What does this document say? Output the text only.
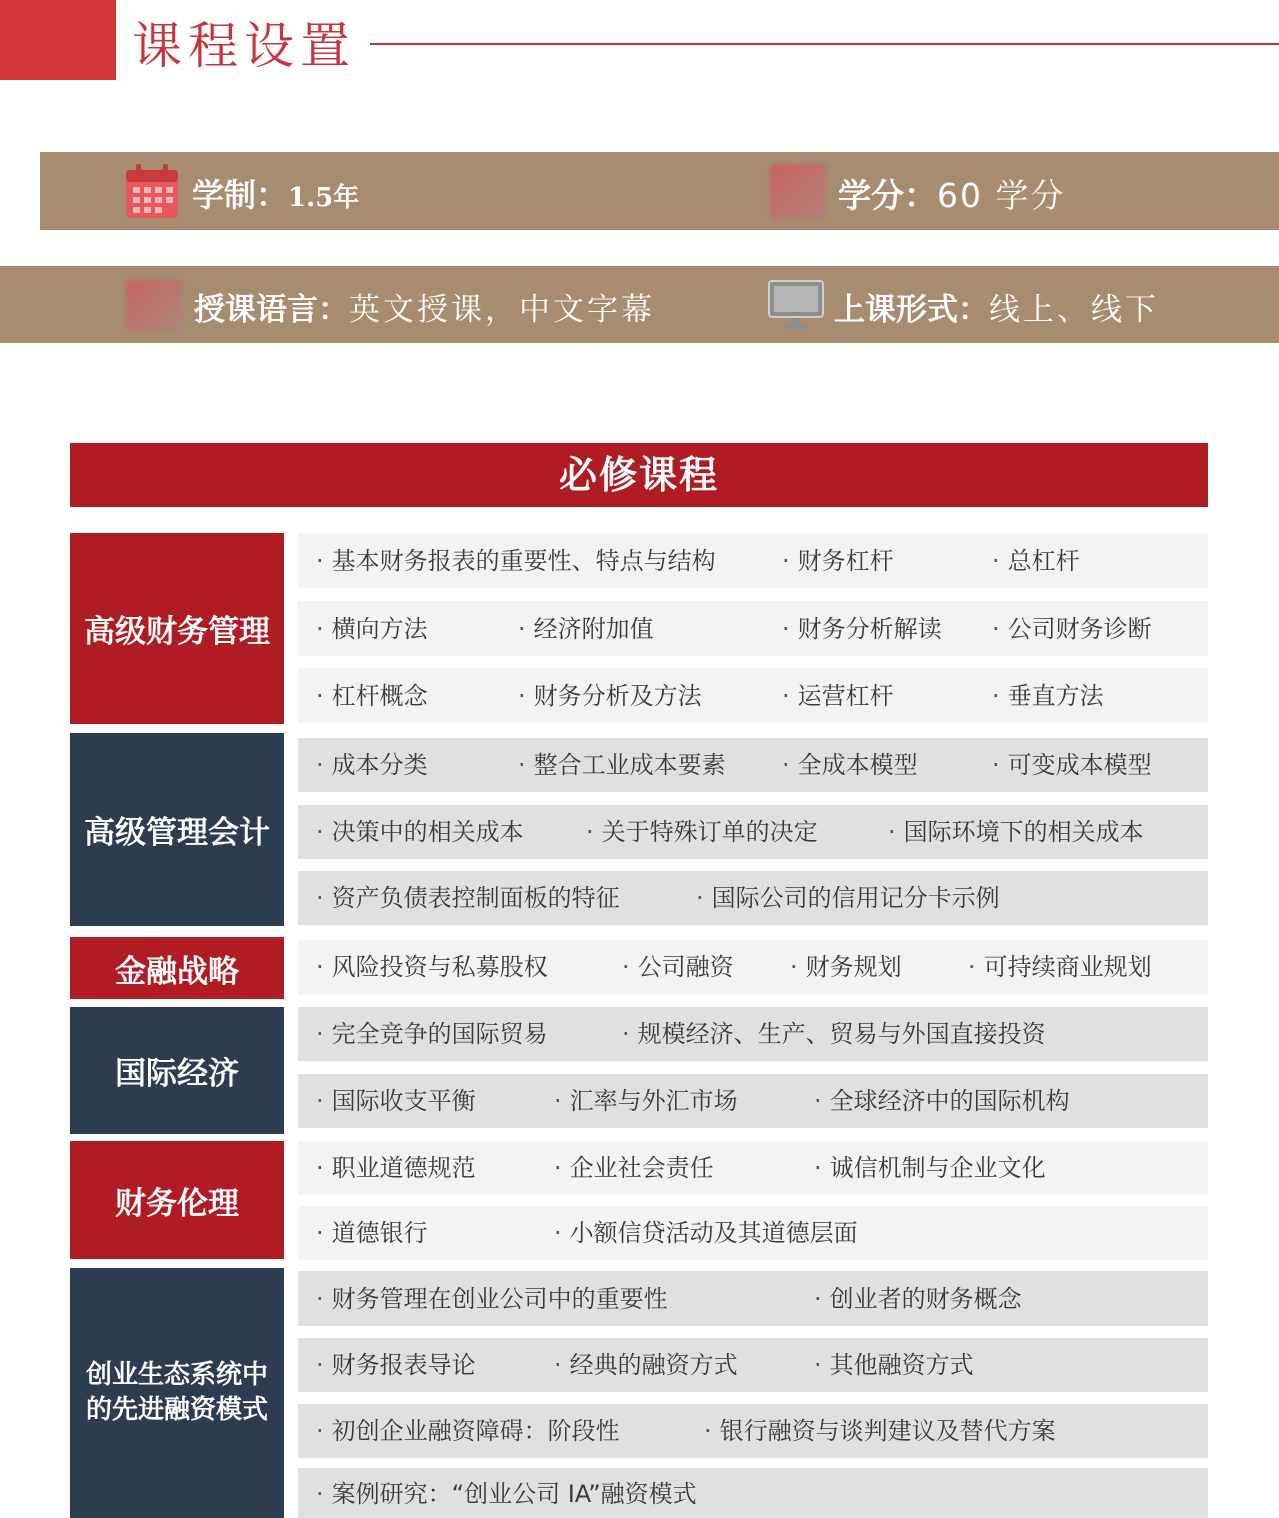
课程设置
学制：1.5年	学分：60 学分
授课语言：英文授课，中文字幕	上课形式：线上、线下
必修课程
高级财务管理
· 基本财务报表的重要性、特点与结构	· 财务杠杆	· 总杠杆
· 横向方法	· 经济附加值	· 财务分析解读	· 公司财务诊断
· 杠杆概念	· 财务分析及方法	· 运营杠杆	· 垂直方法
高级管理会计
· 成本分类	· 整合工业成本要素	· 全成本模型	· 可变成本模型
· 决策中的相关成本	· 关于特殊订单的决定	· 国际环境下的相关成本
· 资产负债表控制面板的特征	· 国际公司的信用记分卡示例
金融战略	· 风险投资与私募股权	· 公司融资	· 财务规划	· 可持续商业规划
国际经济
· 完全竞争的国际贸易	· 规模经济、生产、贸易与外国直接投资
· 国际收支平衡	· 汇率与外汇市场	· 全球经济中的国际机构
财务伦理
· 职业道德规范	· 企业社会责任	· 诚信机制与企业文化
· 道德银行	· 小额信贷活动及其道德层面
创业生态系统中
的先进融资模式
· 财务管理在创业公司中的重要性	· 创业者的财务概念
· 财务报表导论	· 经典的融资方式	· 其他融资方式
· 初创企业融资障碍：阶段性	· 银行融资与谈判建议及替代方案
· 案例研究：“创业公司 IA”融资模式
